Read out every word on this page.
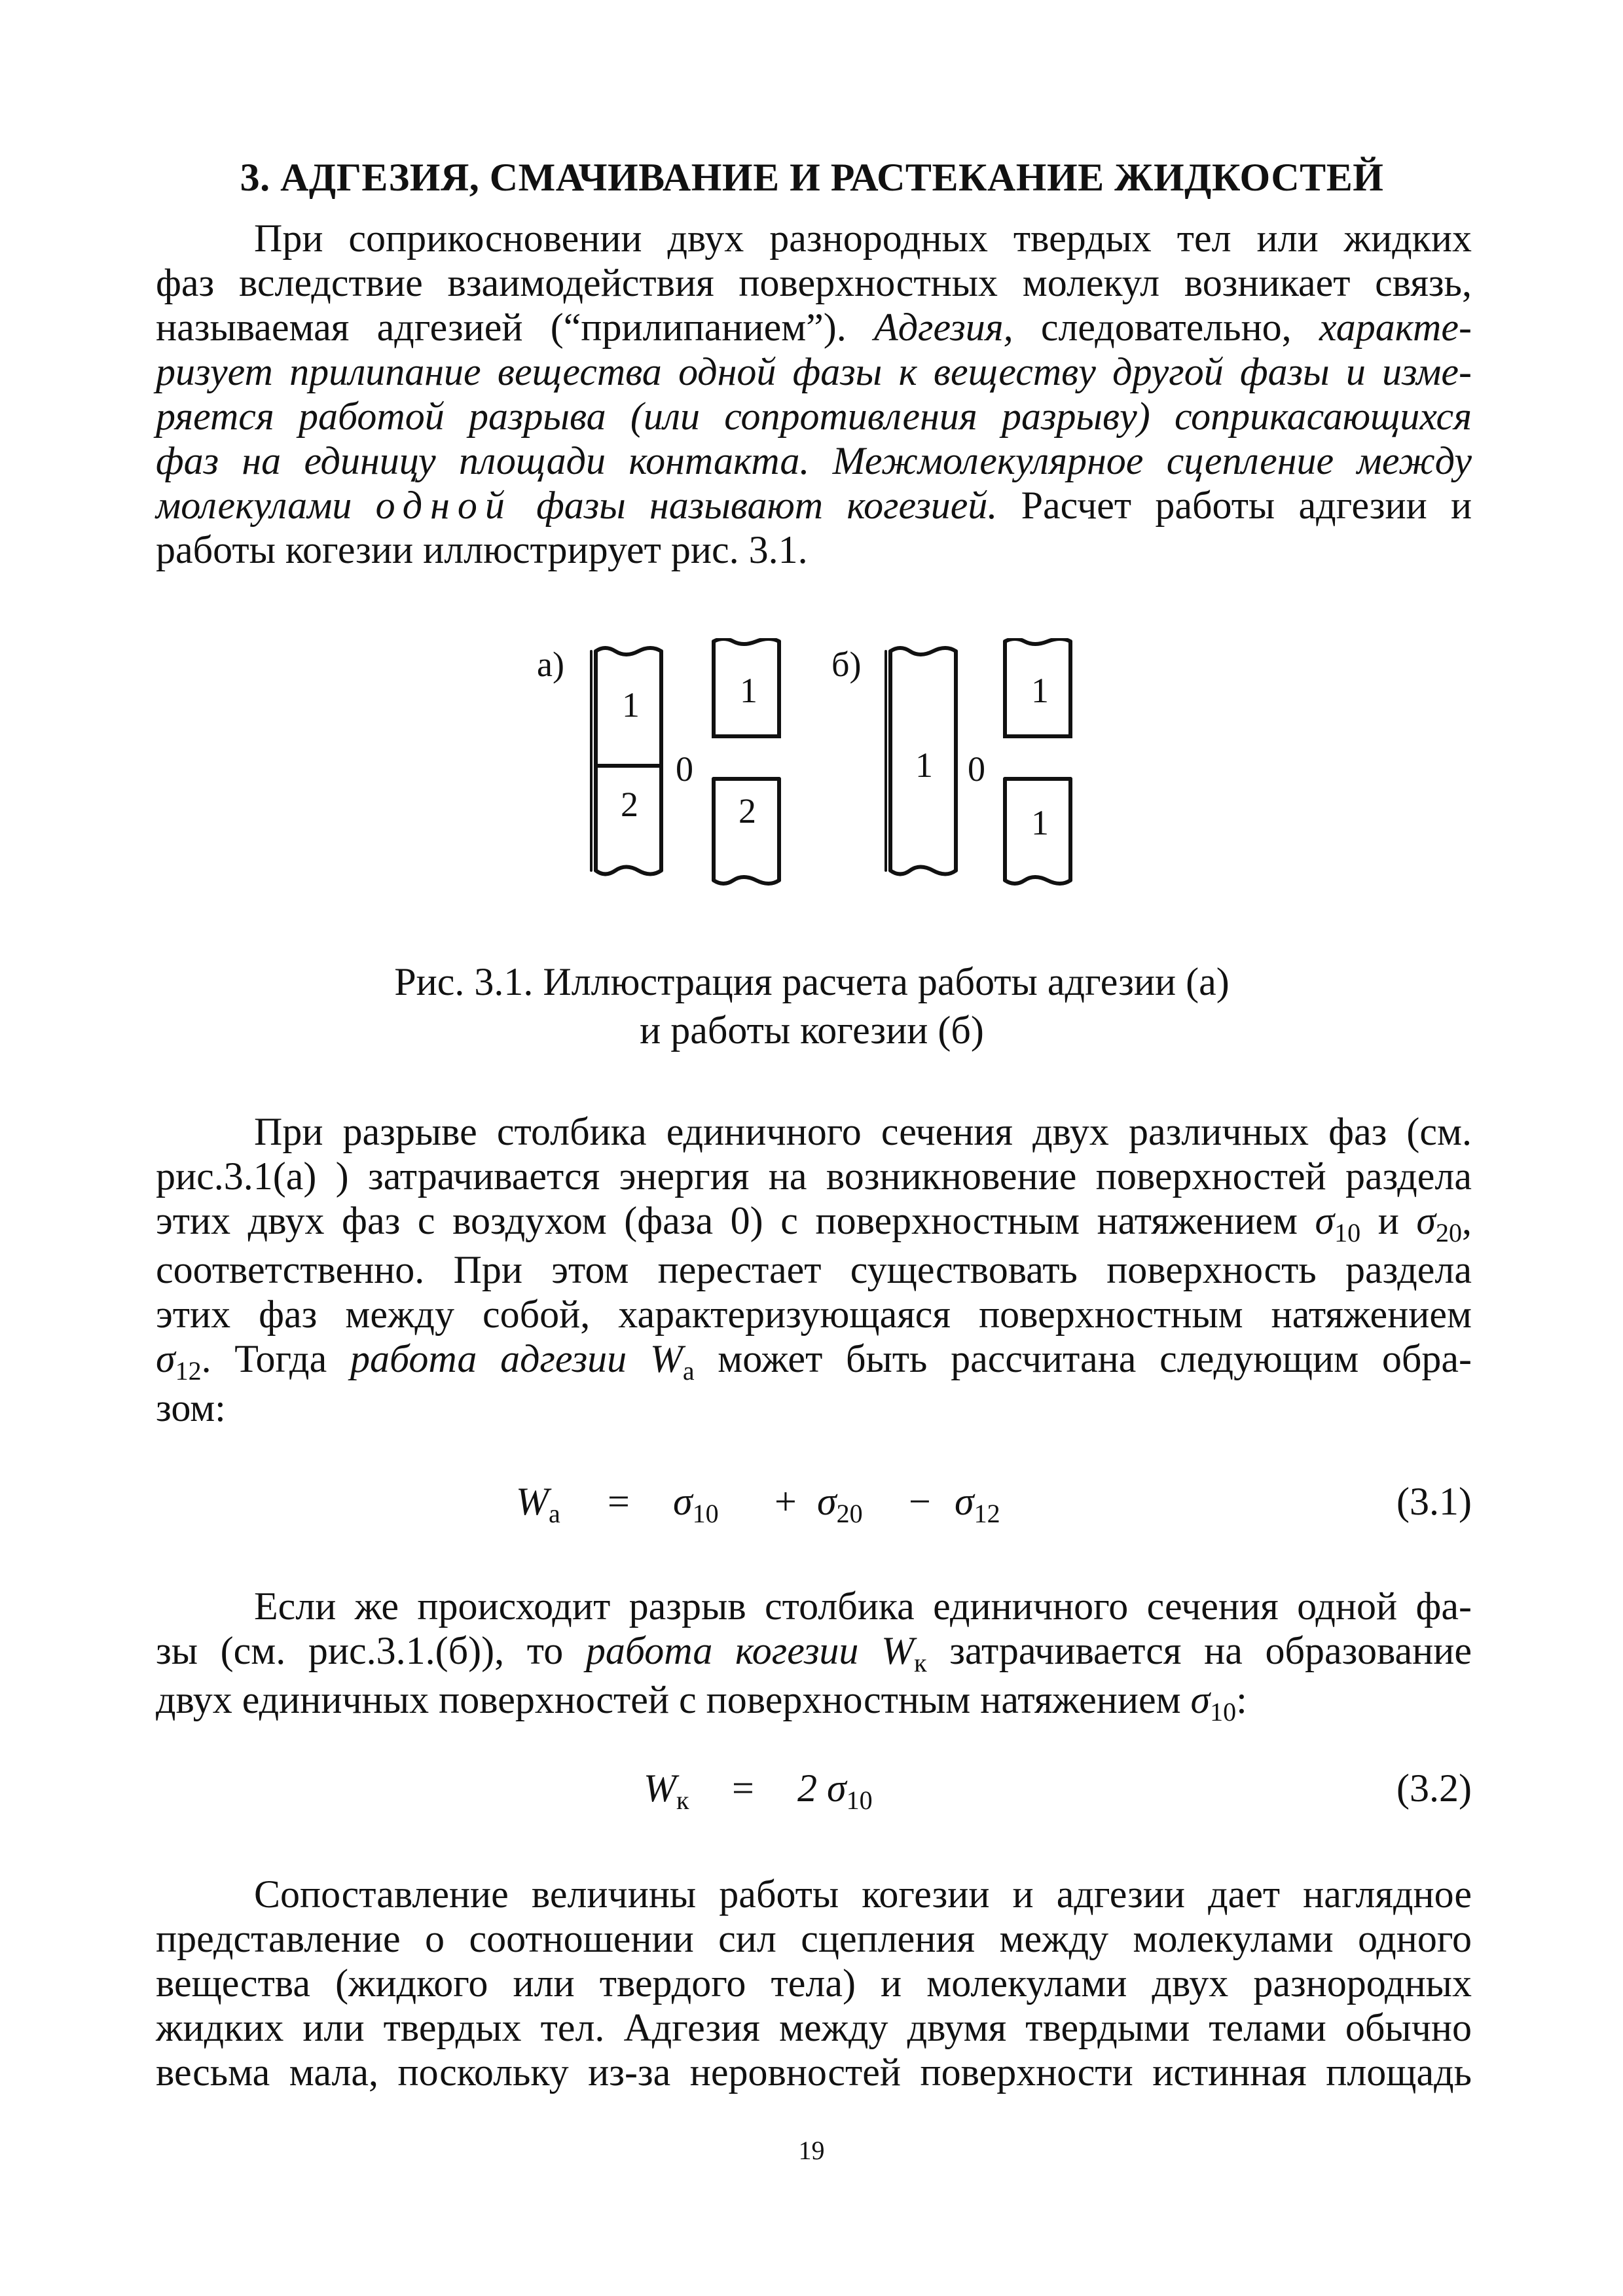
3. АДГЕЗИЯ, СМАЧИВАНИЕ И РАСТЕКАНИЕ ЖИДКОСТЕЙ
При соприкосновении двух разнородных твердых тел или жидких
фаз вследствие взаимодействия поверхностных молекул возникает связь,
называемая адгезией (“прилипанием”). Адгезия, следовательно, характе-
ризует прилипание вещества одной фазы к веществу другой фазы и изме-
ряется работой разрыва (или сопротивления разрыву) соприкасающихся
фаз на единицу площади контакта. Межмолекулярное сцепление между
молекулами одной фазы называют когезией. Расчет работы адгезии и
работы когезии иллюстрирует рис. 3.1.
а)
1
2
0
1
2
б)
1 0
1
1
Рис. 3.1. Иллюстрация расчета работы адгезии (а)
и работы когезии (б)
При разрыве столбика единичного сечения двух различных фаз (см.
рис.3.1(а) ) затрачивается энергия на возникновение поверхностей раздела
этих двух фаз с воздухом (фаза 0) с поверхностным натяжением $\sigma_{10}$ и $\sigma_{20}$,
соответственно. При этом перестает существовать поверхность раздела
этих фаз между собой, характеризующаяся поверхностным натяжением
$\sigma_{12}$. Тогда работа адгезии $W_a$ может быть рассчитана следующим обра-
зом:
$W_a = \sigma_{10} + \sigma_{20} - \sigma_{12}$	(3.1)
Если же происходит разрыв столбика единичного сечения одной фа-
зы (см. рис.3.1.(б)), то работа когезии $W_к$ затрачивается на образование
двух единичных поверхностей с поверхностным натяжением $\sigma_{10}$:
$W_к = 2$ $\sigma_{10}$	(3.2)
Сопоставление величины работы когезии и адгезии дает наглядное
представление о соотношении сил сцепления между молекулами одного
вещества (жидкого или твердого тела) и молекулами двух разнородных
жидких или твердых тел. Адгезия между двумя твердыми телами обычно
весьма мала, поскольку из-за неровностей поверхности истинная площадь
19
